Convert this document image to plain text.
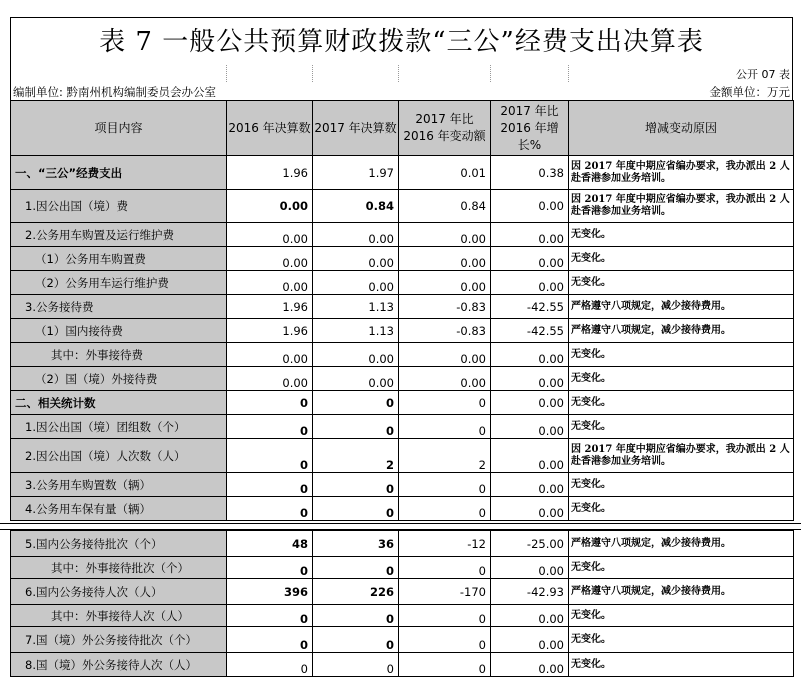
表 7 一般公共预算财政拨款“三公”经费支出决算表
公开 07 表
编制单位: 黔南州机构编制委员会办公室	金额单位：万元
项目内容	2016 年决算数	2017 年决算数	2017 年比 2016 年变动额	2017 年比 2016 年增长%	增减变动原因
一、“三公”经费支出	1.96	1.97	0.01	0.38	因 2017 年度中期应省编办要求，我办派出 2 人赴香港参加业务培训。
1.因公出国（境）费	0.00	0.84	0.84	0.00	因 2017 年度中期应省编办要求，我办派出 2 人赴香港参加业务培训。
2.公务用车购置及运行维护费	0.00	0.00	0.00	0.00	无变化。
（1）公务用车购置费	0.00	0.00	0.00	0.00	无变化。
（2）公务用车运行维护费	0.00	0.00	0.00	0.00	无变化。
3.公务接待费	1.96	1.13	-0.83	-42.55	严格遵守八项规定，减少接待费用。
（1）国内接待费	1.96	1.13	-0.83	-42.55	严格遵守八项规定，减少接待费用。
其中：外事接待费	0.00	0.00	0.00	0.00	无变化。
（2）国（境）外接待费	0.00	0.00	0.00	0.00	无变化。
二、相关统计数	0	0	0	0.00	无变化。
1.因公出国（境）团组数（个）	0	0	0	0.00	无变化。
2.因公出国（境）人次数（人）	0	2	2	0.00	因 2017 年度中期应省编办要求，我办派出 2 人赴香港参加业务培训。
3.公务用车购置数（辆）	0	0	0	0.00	无变化。
4.公务用车保有量（辆）	0	0	0	0.00	无变化。
5.国内公务接待批次（个）	48	36	-12	-25.00	严格遵守八项规定，减少接待费用。
其中：外事接待批次（个）	0	0	0	0.00	无变化。
6.国内公务接待人次（人）	396	226	-170	-42.93	严格遵守八项规定，减少接待费用。
其中：外事接待人次（人）	0	0	0	0.00	无变化。
7.国（境）外公务接待批次（个）	0	0	0	0.00	无变化。
8.国（境）外公务接待人次（人）	0	0	0	0.00	无变化。
